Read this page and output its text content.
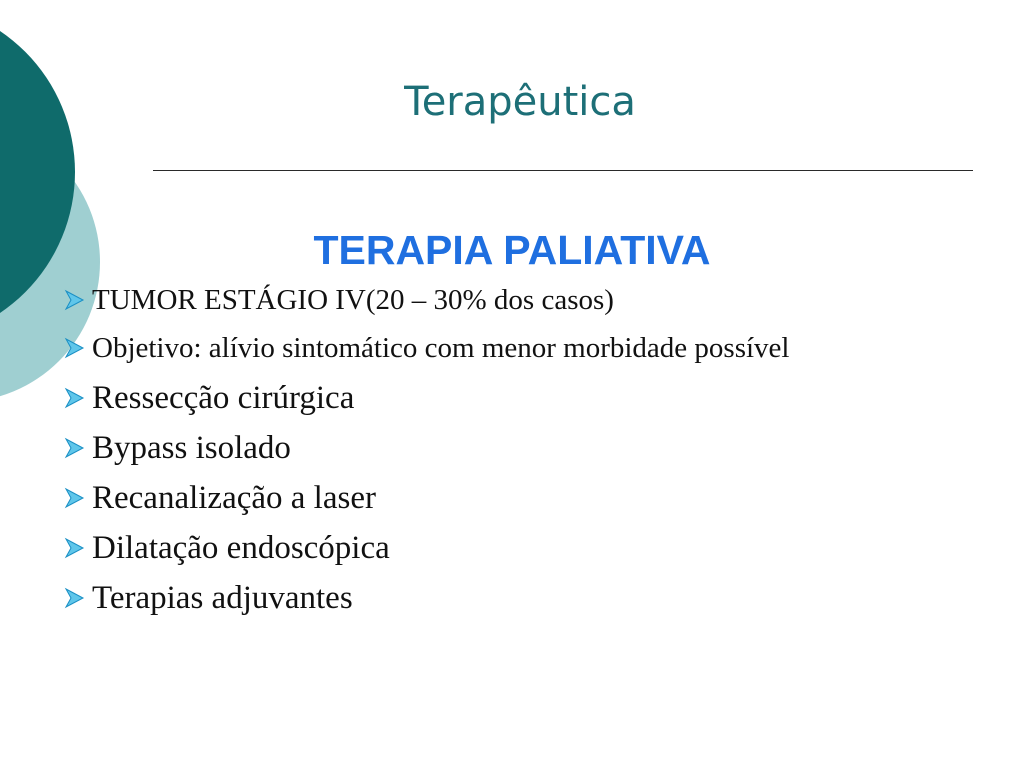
Terapêutica
TERAPIA PALIATIVA
TUMOR ESTÁGIO IV(20 – 30% dos casos)
Objetivo: alívio sintomático com menor morbidade possível
Ressecção cirúrgica
Bypass isolado
Recanalização a laser
Dilatação endoscópica
Terapias adjuvantes
